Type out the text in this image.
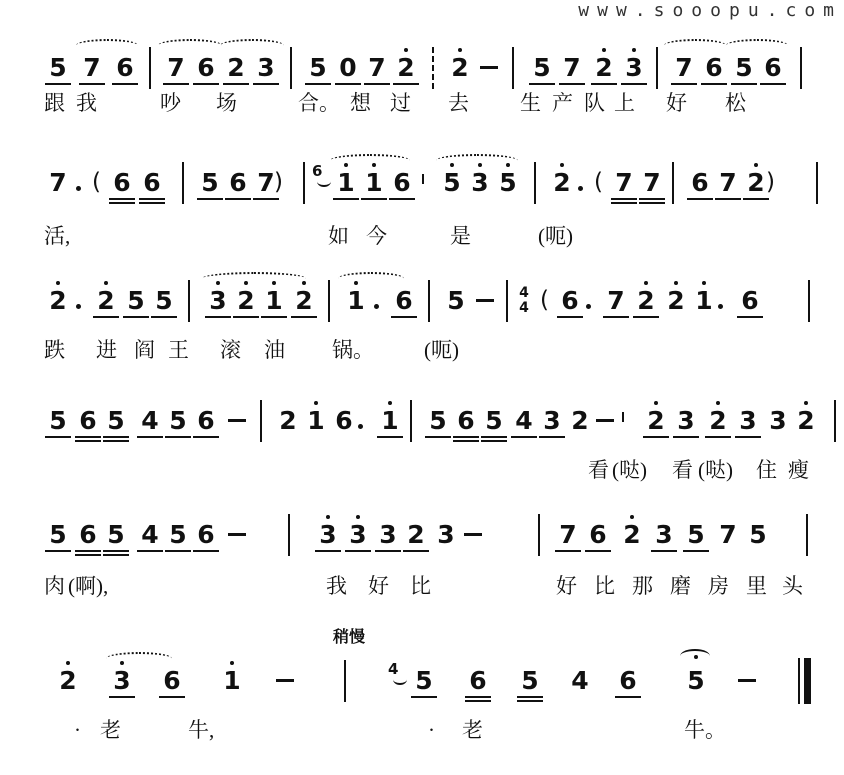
www.sooopu.com
5 7 6 7 6 2 3 5 0 7 2 2	5 7 2 3 7 6 5 6
跟 我	吵 场	合。 想 过 去 生 产 队 上 好 松
7 ( 6 6 5 6 7 ) 6 1 1 6 5 3 5 2 ( 7 7 6 7 2 )
活,	如 今	是	(呃)
2 2 5 5 3 2 1 2 1 6 5	4
4 ( 6 7 2 2 1 6
跌 进 阎 王 滚 油 锅。 (呃)
5 6 5 4 5 6	2 1 6 1 5 6 5 4 3 2 2 3 2 3 3 2
看 (哒) 看 (哒) 住 瘦
5 6 5 4 5 6	3 3 3 2 3	7 6 2 3 5 7 5
肉 (啊),	我 好 比	好 比 那 磨 房 里 头
2 3 6 1	4 5 6 5 4 6 5
· 老	牛,	· 老	牛。
稍慢
